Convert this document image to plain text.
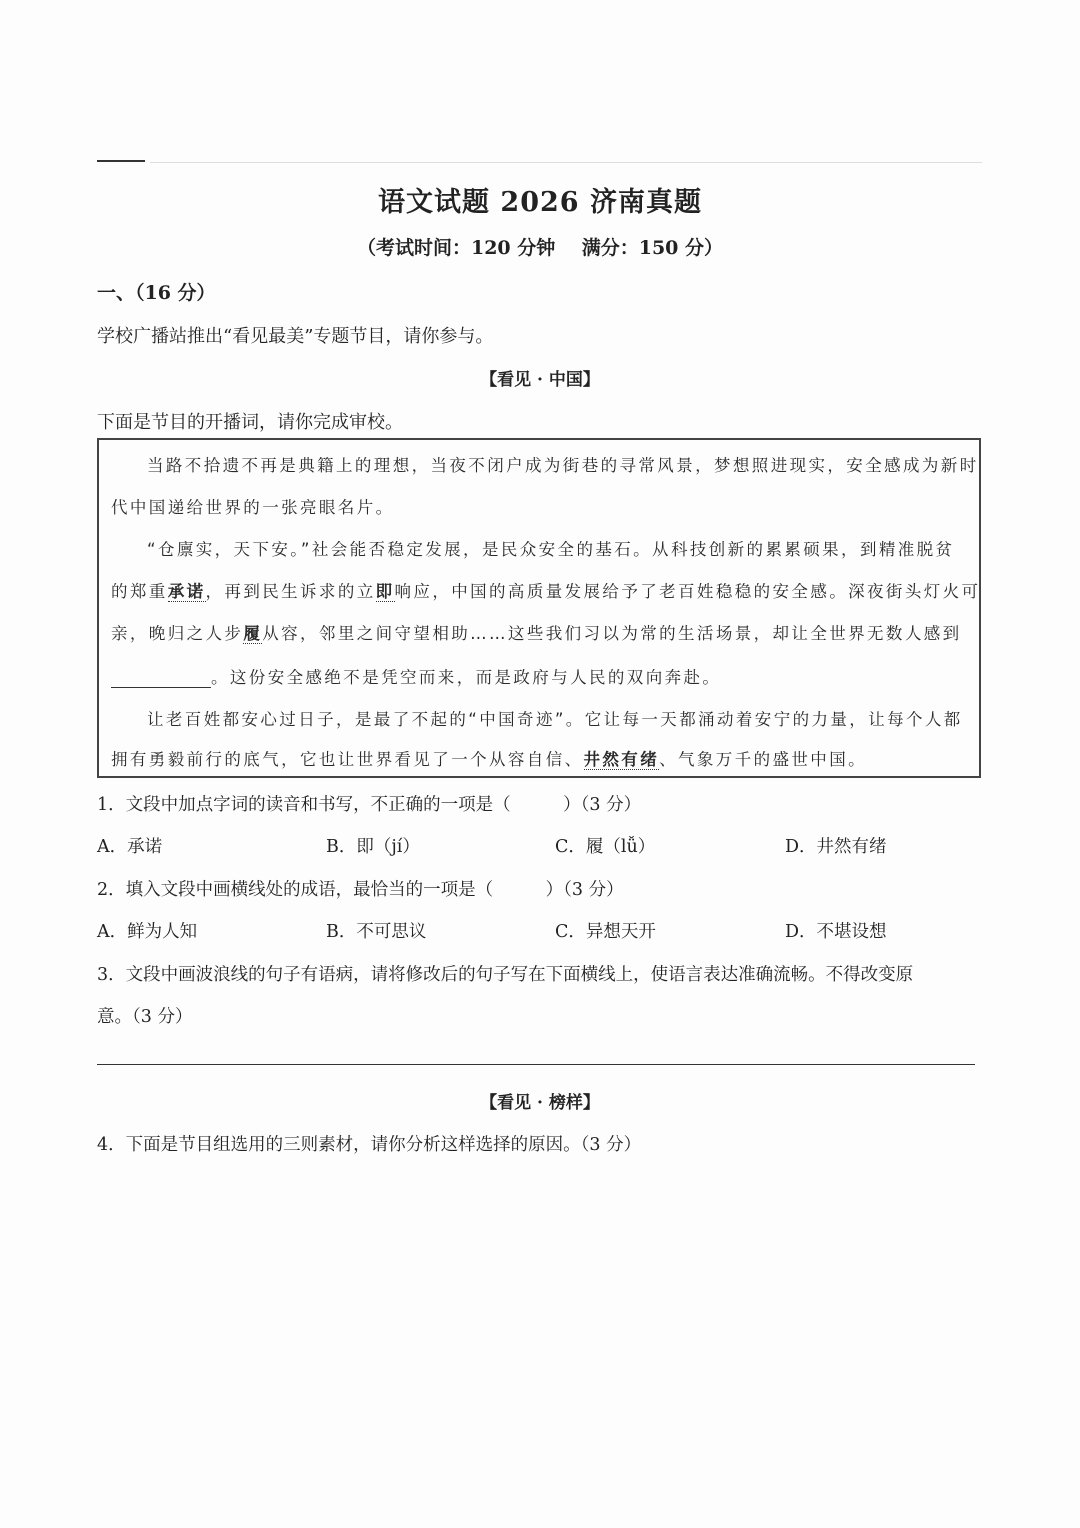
语文试题 2026 济南真题
（考试时间：120 分钟 满分：150 分）
一、（16 分）
学校广播站推出“看见最美”专题节目，请你参与。
【看见 · 中国】
下面是节目的开播词，请你完成审校。
当路不拾遗不再是典籍上的理想，当夜不闭户成为街巷的寻常风景，梦想照进现实，安全感成为新时
代中国递给世界的一张亮眼名片。
“仓廪实，天下安。”社会能否稳定发展，是民众安全的基石。从科技创新的累累硕果，到精准脱贫
的郑重承诺，再到民生诉求的立即响应，中国的高质量发展给予了老百姓稳稳的安全感。深夜街头灯火可
亲，晚归之人步履从容，邻里之间守望相助……这些我们习以为常的生活场景，却让全世界无数人感到
。这份安全感绝不是凭空而来，而是政府与人民的双向奔赴。
让老百姓都安心过日子，是最了不起的“中国奇迹”。它让每一天都涌动着安宁的力量，让每个人都
拥有勇毅前行的底气，它也让世界看见了一个从容自信、井然有绪、气象万千的盛世中国。
1．文段中加点字词的读音和书写，不正确的一项是（　　　）（3 分）
A．承诺	B．即（jí）	C．履（lǚ）	D．井然有绪
2．填入文段中画横线处的成语，最恰当的一项是（　　　）（3 分）
A．鲜为人知	B．不可思议	C．异想天开	D．不堪设想
3．文段中画波浪线的句子有语病，请将修改后的句子写在下面横线上，使语言表达准确流畅。不得改变原
意。（3 分）
【看见 · 榜样】
4．下面是节目组选用的三则素材，请你分析这样选择的原因。（3 分）
